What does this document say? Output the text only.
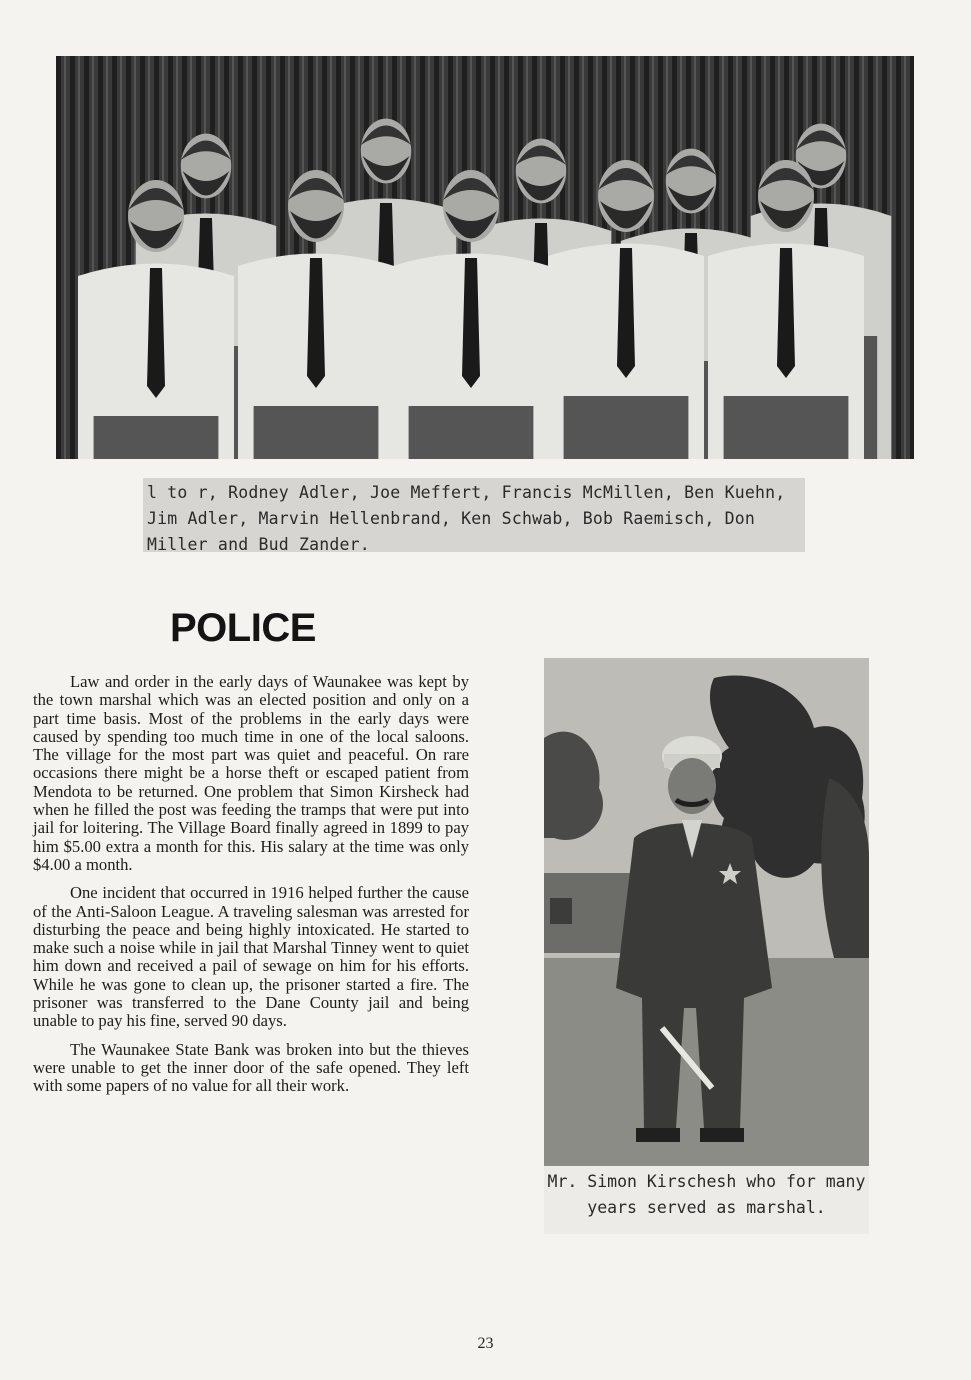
l to r, Rodney Adler, Joe Meffert, Francis McMillen, Ben Kuehn, Jim Adler, Marvin Hellenbrand, Ken Schwab, Bob Raemisch, Don Miller and Bud Zander.
POLICE

Law and order in the early days of Waunakee was kept by the town marshal which was an elected position and only on a part time basis. Most of the problems in the early days were caused by spending too much time in one of the local saloons. The village for the most part was quiet and peaceful. On rare occasions there might be a horse theft or escaped patient from Mendota to be returned. One problem that Simon Kirsheck had when he filled the post was feeding the tramps that were put into jail for loitering. The Village Board finally agreed in 1899 to pay him $5.00 extra a month for this. His salary at the time was only $4.00 a month.

One incident that occurred in 1916 helped further the cause of the Anti-Saloon League. A traveling salesman was arrested for disturbing the peace and being highly intoxicated. He started to make such a noise while in jail that Marshal Tinney went to quiet him down and received a pail of sewage on him for his efforts. While he was gone to clean up, the prisoner started a fire. The prisoner was transferred to the Dane County jail and being unable to pay his fine, served 90 days.

The Waunakee State Bank was broken into but the thieves were unable to get the inner door of the safe opened. They left with some papers of no value for all their work.

Mr. Simon Kirschesh who for many years served as marshal.
23
